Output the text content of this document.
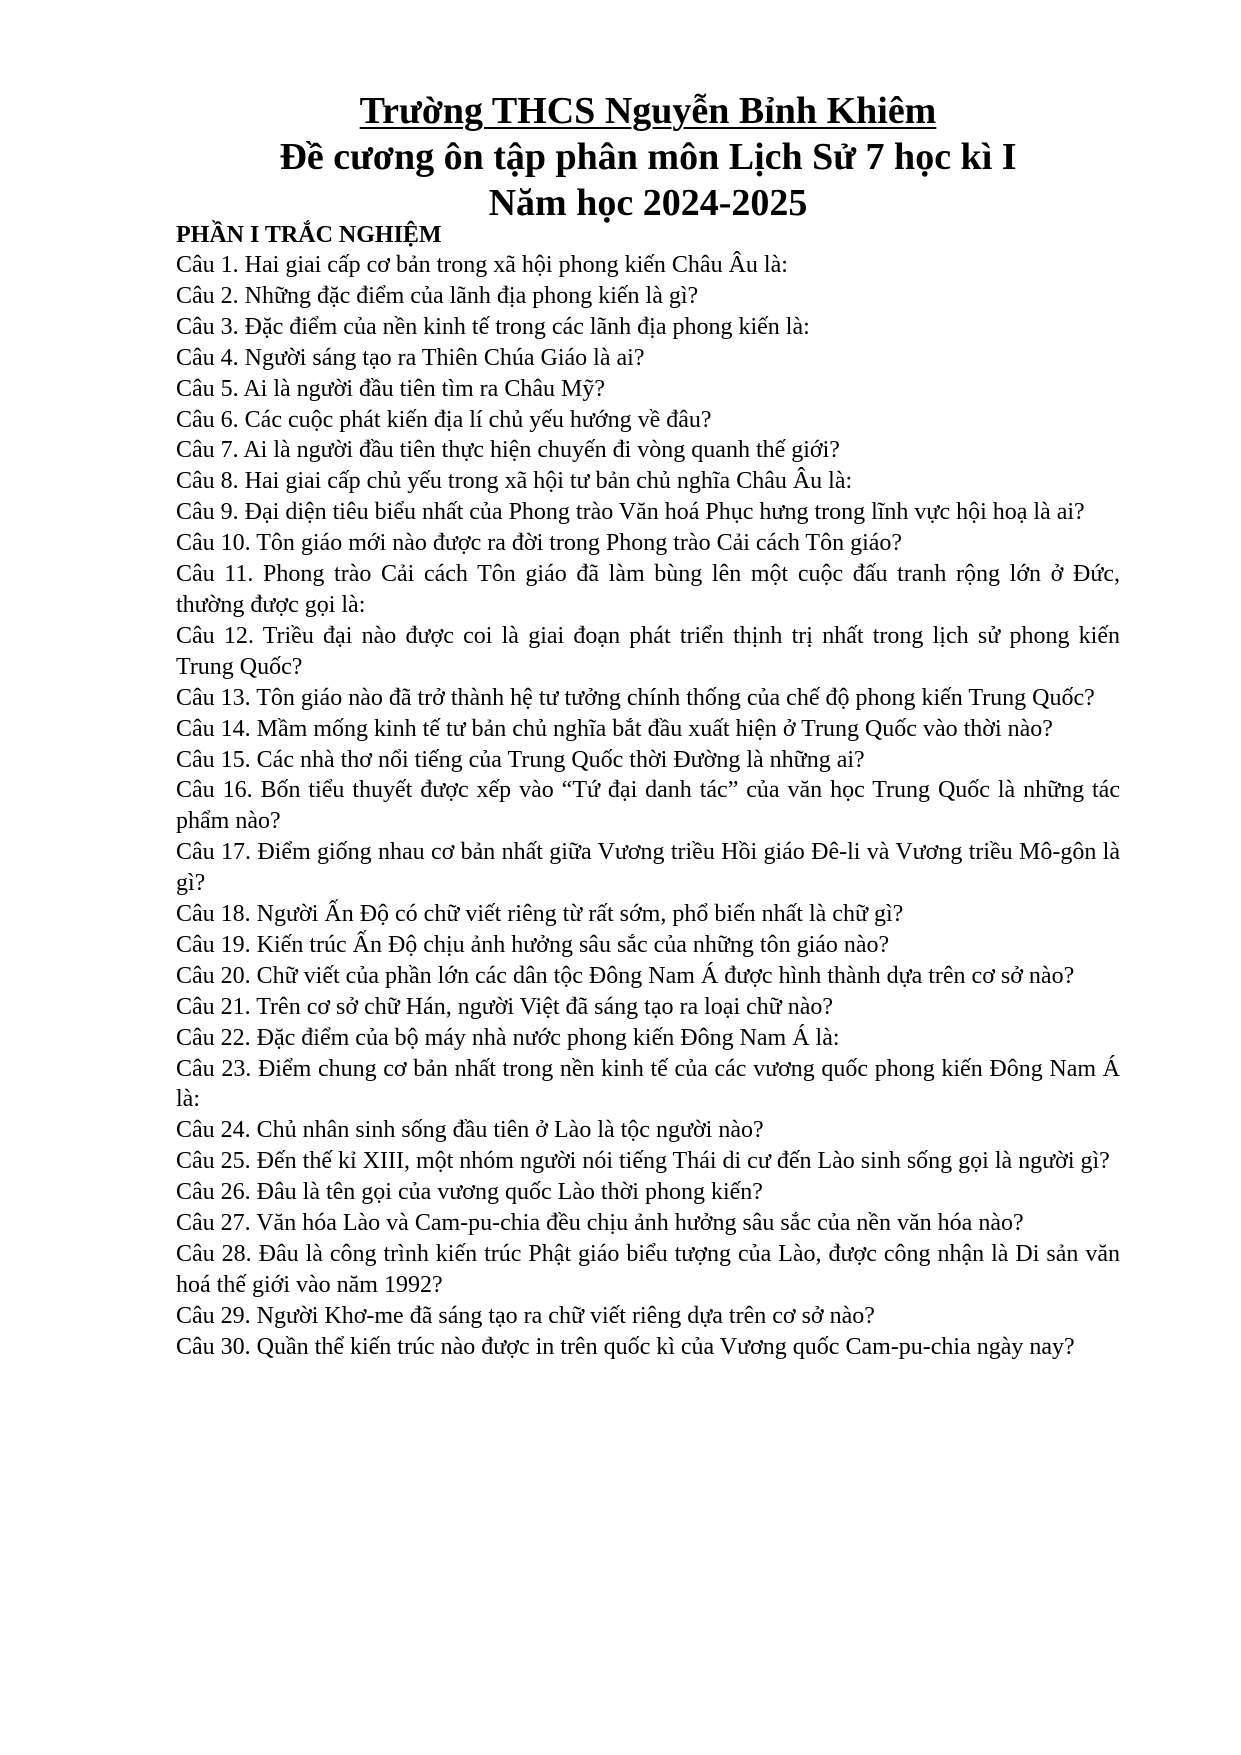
Trường THCS Nguyễn Bỉnh Khiêm
Đề cương ôn tập phân môn Lịch Sử 7 học kì I
Năm học 2024-2025
PHẦN I TRẮC NGHIỆM
Câu 1. Hai giai cấp cơ bản trong xã hội phong kiến Châu Âu là:
Câu 2. Những đặc điểm của lãnh địa phong kiến là gì?
Câu 3. Đặc điểm của nền kinh tế trong các lãnh địa phong kiến là:
Câu 4. Người sáng tạo ra Thiên Chúa Giáo là ai?
Câu 5. Ai là người đầu tiên tìm ra Châu Mỹ?
Câu 6. Các cuộc phát kiến địa lí chủ yếu hướng về đâu?
Câu 7. Ai là người đầu tiên thực hiện chuyến đi vòng quanh thế giới?
Câu 8. Hai giai cấp chủ yếu trong xã hội tư bản chủ nghĩa Châu Âu là:
Câu 9. Đại diện tiêu biểu nhất của Phong trào Văn hoá Phục hưng trong lĩnh vực hội hoạ là ai?
Câu 10. Tôn giáo mới nào được ra đời trong Phong trào Cải cách Tôn giáo?
Câu 11. Phong trào Cải cách Tôn giáo đã làm bùng lên một cuộc đấu tranh rộng lớn ở Đức, thường được gọi là:
Câu 12. Triều đại nào được coi là giai đoạn phát triển thịnh trị nhất trong lịch sử phong kiến Trung Quốc?
Câu 13. Tôn giáo nào đã trở thành hệ tư tưởng chính thống của chế độ phong kiến Trung Quốc?
Câu 14. Mầm mống kinh tế tư bản chủ nghĩa bắt đầu xuất hiện ở Trung Quốc vào thời nào?
Câu 15. Các nhà thơ nổi tiếng của Trung Quốc thời Đường là những ai?
Câu 16. Bốn tiểu thuyết được xếp vào “Tứ đại danh tác” của văn học Trung Quốc là những tác phẩm nào?
Câu 17. Điểm giống nhau cơ bản nhất giữa Vương triều Hồi giáo Đê-li và Vương triều Mô-gôn là gì?
Câu 18. Người Ấn Độ có chữ viết riêng từ rất sớm, phổ biến nhất là chữ gì?
Câu 19. Kiến trúc Ấn Độ chịu ảnh hưởng sâu sắc của những tôn giáo nào?
Câu 20. Chữ viết của phần lớn các dân tộc Đông Nam Á được hình thành dựa trên cơ sở nào?
Câu 21. Trên cơ sở chữ Hán, người Việt đã sáng tạo ra loại chữ nào?
Câu 22. Đặc điểm của bộ máy nhà nước phong kiến Đông Nam Á là:
Câu 23. Điểm chung cơ bản nhất trong nền kinh tế của các vương quốc phong kiến Đông Nam Á là:
Câu 24. Chủ nhân sinh sống đầu tiên ở Lào là tộc người nào?
Câu 25. Đến thế kỉ XIII, một nhóm người nói tiếng Thái di cư đến Lào sinh sống gọi là người gì?
Câu 26. Đâu là tên gọi của vương quốc Lào thời phong kiến?
Câu 27. Văn hóa Lào và Cam-pu-chia đều chịu ảnh hưởng sâu sắc của nền văn hóa nào?
Câu 28. Đâu là công trình kiến trúc Phật giáo biểu tượng của Lào, được công nhận là Di sản văn hoá thế giới vào năm 1992?
Câu 29. Người Khơ-me đã sáng tạo ra chữ viết riêng dựa trên cơ sở nào?
Câu 30. Quần thể kiến trúc nào được in trên quốc kì của Vương quốc Cam-pu-chia ngày nay?
